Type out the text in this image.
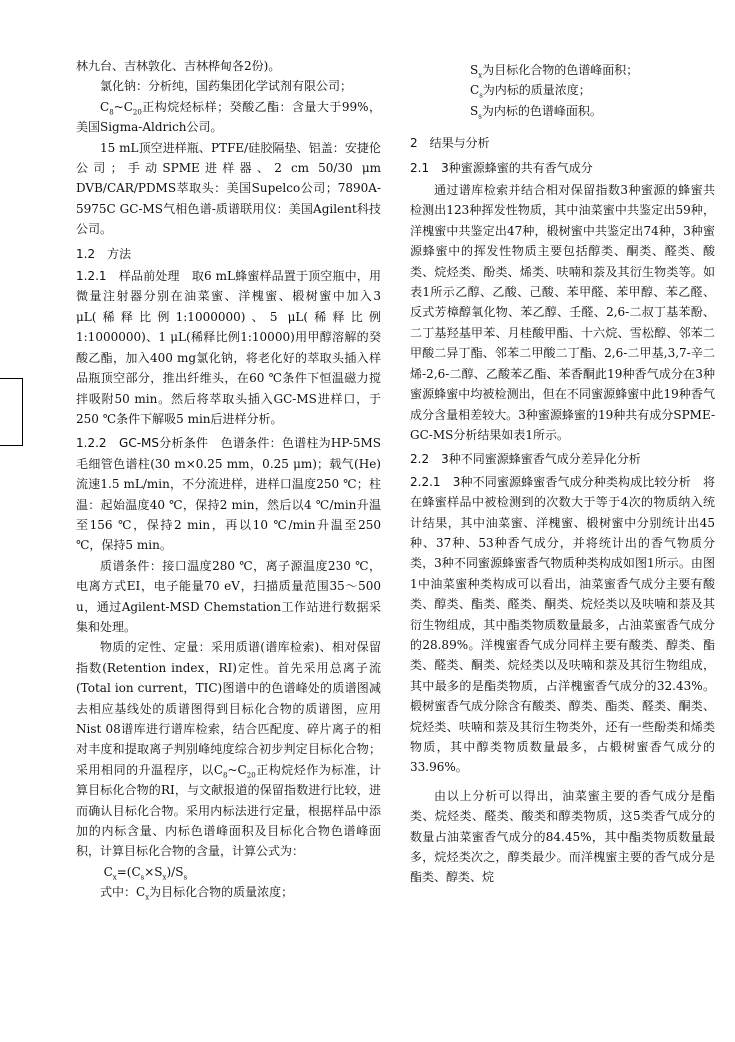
林九台、吉林敦化、吉林桦甸各2份)。

氯化钠：分析纯，国药集团化学试剂有限公司；

$C_8\sim C_{20}$正构烷烃标样；癸酸乙酯：含量大于99%，美国Sigma-Aldrich公司。

15 mL顶空进样瓶、PTFE/硅胶隔垫、铝盖：安捷伦公司；手动SPME进样器、2 cm 50/30 μm DVB/CAR/PDMS萃取头：美国Supelco公司；7890A-5975C GC-MS气相色谱-质谱联用仪：美国Agilent科技公司。

1.2　方法

1.2.1　样品前处理　 取6 mL蜂蜜样品置于顶空瓶中，用微量注射器分别在油菜蜜、洋槐蜜、椴树蜜中加入3 μL(稀释比例1:1000000)、5 μL(稀释比例1:1000000)、1 μL(稀释比例1:10000)用甲醇溶解的癸酸乙酯，加入400 mg氯化钠，将老化好的萃取头插入样品瓶顶空部分，推出纤维头，在60 ℃条件下恒温磁力搅拌吸附50 min。然后将萃取头插入GC-MS进样口，于250 ℃条件下解吸5 min后进样分析。

1.2.2　GC-MS分析条件　 色谱条件：色谱柱为HP-5MS毛细管色谱柱(30 m×0.25 mm，0.25 μm)；载气(He)流速1.5 mL/min，不分流进样，进样口温度250 ℃；柱温：起始温度40 ℃，保持2 min，然后以4 ℃/min升温至156 ℃，保持2 min，再以10 ℃/min升温至250 ℃，保持5 min。

质谱条件：接口温度280 ℃，离子源温度230 ℃，电离方式EI，电子能量70 eV，扫描质量范围35～500 u，通过Agilent-MSD Chemstation工作站进行数据采集和处理。

物质的定性、定量：采用质谱(谱库检索)、相对保留指数(Retention index，RI)定性。首先采用总离子流(Total ion current，TIC)图谱中的色谱峰处的质谱图减去相应基线处的质谱图得到目标化合物的质谱图，应用Nist 08谱库进行谱库检索，结合匹配度、碎片离子的相对丰度和提取离子判别峰纯度综合初步判定目标化合物；采用相同的升温程序，以$C_8\sim C_{20}$正构烷烃作为标准，计算目标化合物的RI，与文献报道的保留指数进行比较，进而确认目标化合物。采用内标法进行定量，根据样品中添加的内标含量、内标色谱峰面积及目标化合物色谱峰面积，计算目标化合物的含量，计算公式为：

$C_x=(C_s\times S_x)/S_s$

式中：$C_x$为目标化合物的质量浓度；

$S_x$为目标化合物的色谱峰面积；

$C_s$为内标的质量浓度；

$S_s$为内标的色谱峰面积。

2　结果与分析

2.1　3种蜜源蜂蜜的共有香气成分

通过谱库检索并结合相对保留指数3种蜜源的蜂蜜共检测出123种挥发性物质，其中油菜蜜中共鉴定出59种，洋槐蜜中共鉴定出47种，椴树蜜中共鉴定出74种，3种蜜源蜂蜜中的挥发性物质主要包括醇类、酮类、醛类、酸类、烷烃类、酚类、烯类、呋喃和萘及其衍生物类等。如表1所示乙醇、乙酸、己酸、苯甲醛、苯甲醇、苯乙醛、反式芳樟醇氧化物、苯乙醇、壬醛、2,6-二叔丁基苯酚、二丁基羟基甲苯、月桂酸甲酯、十六烷、雪松醇、邻苯二甲酸二异丁酯、邻苯二甲酸二丁酯、2,6-二甲基,3,7-辛二烯-2,6-二醇、乙酸苯乙酯、苯香酮此19种香气成分在3种蜜源蜂蜜中均被检测出，但在不同蜜源蜂蜜中此19种香气成分含量相差较大。3种蜜源蜂蜜的19种共有成分SPME-GC-MS分析结果如表1所示。

2.2　3种不同蜜源蜂蜜香气成分差异化分析

2.2.1　3种不同蜜源蜂蜜香气成分种类构成比较分析　 将在蜂蜜样品中被检测到的次数大于等于4次的物质纳入统计结果，其中油菜蜜、洋槐蜜、椴树蜜中分别统计出45种、37种、53种香气成分，并将统计出的香气物质分类，3种不同蜜源蜂蜜香气物质种类构成如图1所示。由图1中油菜蜜种类构成可以看出，油菜蜜香气成分主要有酸类、醇类、酯类、醛类、酮类、烷烃类以及呋喃和萘及其衍生物组成，其中酯类物质数量最多，占油菜蜜香气成分的28.89%。洋槐蜜香气成分同样主要有酸类、醇类、酯类、醛类、酮类、烷烃类以及呋喃和萘及其衍生物组成，其中最多的是酯类物质，占洋槐蜜香气成分的32.43%。椴树蜜香气成分除含有酸类、醇类、酯类、醛类、酮类、烷烃类、呋喃和萘及其衍生物类外，还有一些酚类和烯类物质，其中醇类物质数量最多，占椴树蜜香气成分的33.96%。

由以上分析可以得出，油菜蜜主要的香气成分是酯类、烷烃类、醛类、酸类和醇类物质，这5类香气成分的数量占油菜蜜香气成分的84.45%，其中酯类物质数量最多，烷烃类次之，醇类最少。而洋槐蜜主要的香气成分是酯类、醇类、烷
